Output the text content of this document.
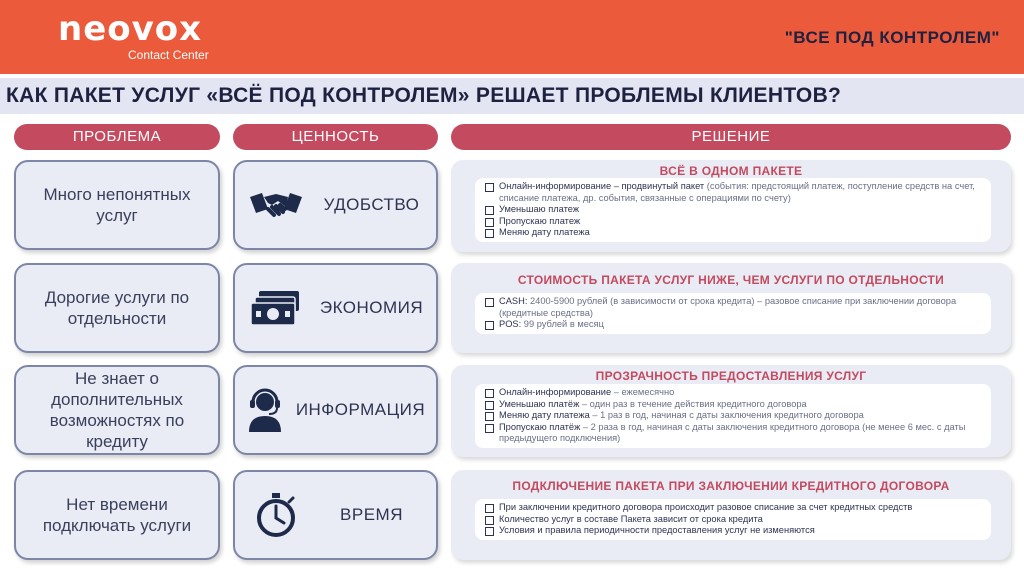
neovox
Contact Center
"ВСЕ ПОД КОНТРОЛЕМ"
КАК ПАКЕТ УСЛУГ «ВСЁ ПОД КОНТРОЛЕМ» РЕШАЕТ ПРОБЛЕМЫ КЛИЕНТОВ?
ПРОБЛЕМА	ЦЕННОСТЬ	РЕШЕНИЕ
Много непонятных услуг
УДОБСТВО
ВСЁ В ОДНОМ ПАКЕТЕ
Онлайн-информирование – продвинутый пакет (события: предстоящий платеж, поступление средств на счет, списание платежа, др. события, связанные с операциями по счету)
Уменьшаю платеж
Пропускаю платеж
Меняю дату платежа
Дорогие услуги по отдельности
ЭКОНОМИЯ
СТОИМОСТЬ ПАКЕТА УСЛУГ НИЖЕ, ЧЕМ УСЛУГИ ПО ОТДЕЛЬНОСТИ
CASH: 2400-5900 рублей (в зависимости от срока кредита) – разовое списание при заключении договора (кредитные средства)
POS: 99 рублей в месяц
Не знает о дополнительных возможностях по кредиту
ИНФОРМАЦИЯ
ПРОЗРАЧНОСТЬ ПРЕДОСТАВЛЕНИЯ УСЛУГ
Онлайн-информирование – ежемесячно
Уменьшаю платёж – один раз в течение действия кредитного договора
Меняю дату платежа – 1 раз в год, начиная с даты заключения кредитного договора
Пропускаю платёж – 2 раза в год, начиная с даты заключения кредитного договора (не менее 6 мес. с даты предыдущего подключения)
Нет времени подключать услуги
ВРЕМЯ
ПОДКЛЮЧЕНИЕ ПАКЕТА ПРИ ЗАКЛЮЧЕНИИ КРЕДИТНОГО ДОГОВОРА
При заключении кредитного договора происходит разовое списание за счет кредитных средств
Количество услуг в составе Пакета зависит от срока кредита
Условия и правила периодичности предоставления услуг не изменяются
